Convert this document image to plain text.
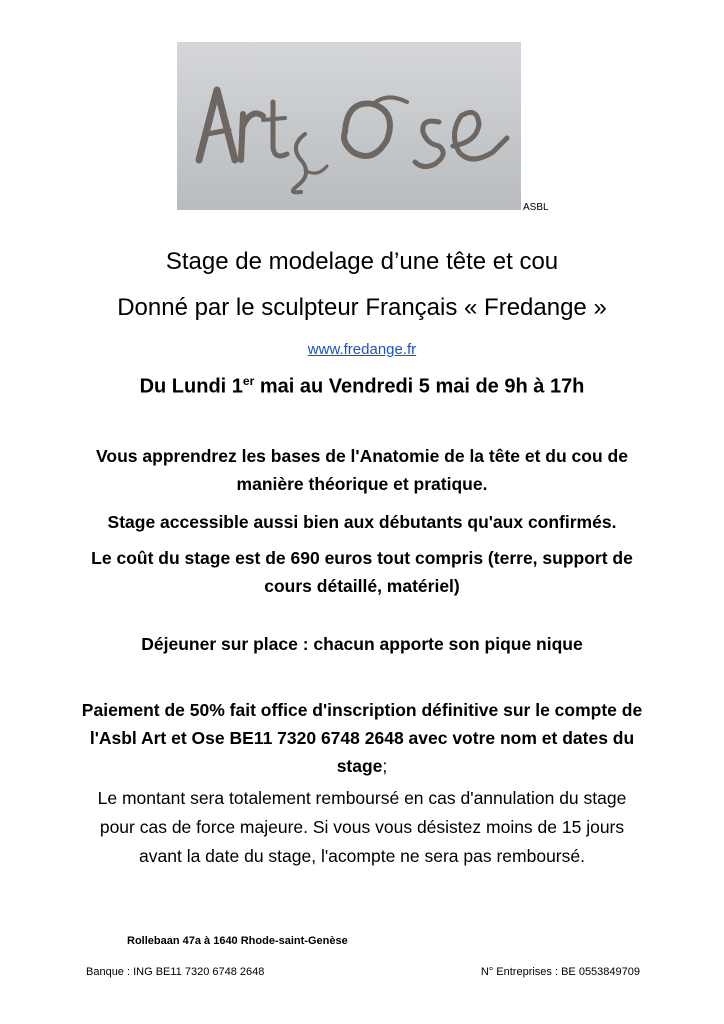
ASBL
Stage de modelage d’une tête et cou
Donné par le sculpteur Français « Fredange »
www.fredange.fr
Du Lundi 1er mai au Vendredi 5 mai de 9h à 17h
Vous apprendrez les bases de l'Anatomie de la tête et du cou de manière théorique et pratique.
Stage accessible aussi bien aux débutants qu'aux confirmés.
Le coût du stage est de 690 euros tout compris (terre, support de cours détaillé, matériel)
Déjeuner sur place : chacun apporte son pique nique
Paiement de 50% fait office d'inscription définitive sur le compte de l'Asbl Art et Ose BE11 7320 6748 2648 avec votre nom et dates du stage;
Le montant sera totalement remboursé en cas d'annulation du stage pour cas de force majeure. Si vous vous désistez moins de 15 jours avant la date du stage, l'acompte ne sera pas remboursé.
Rollebaan 47a à 1640 Rhode-saint-Genèse
Banque : ING BE11 7320 6748 2648	N° Entreprises : BE 0553849709
